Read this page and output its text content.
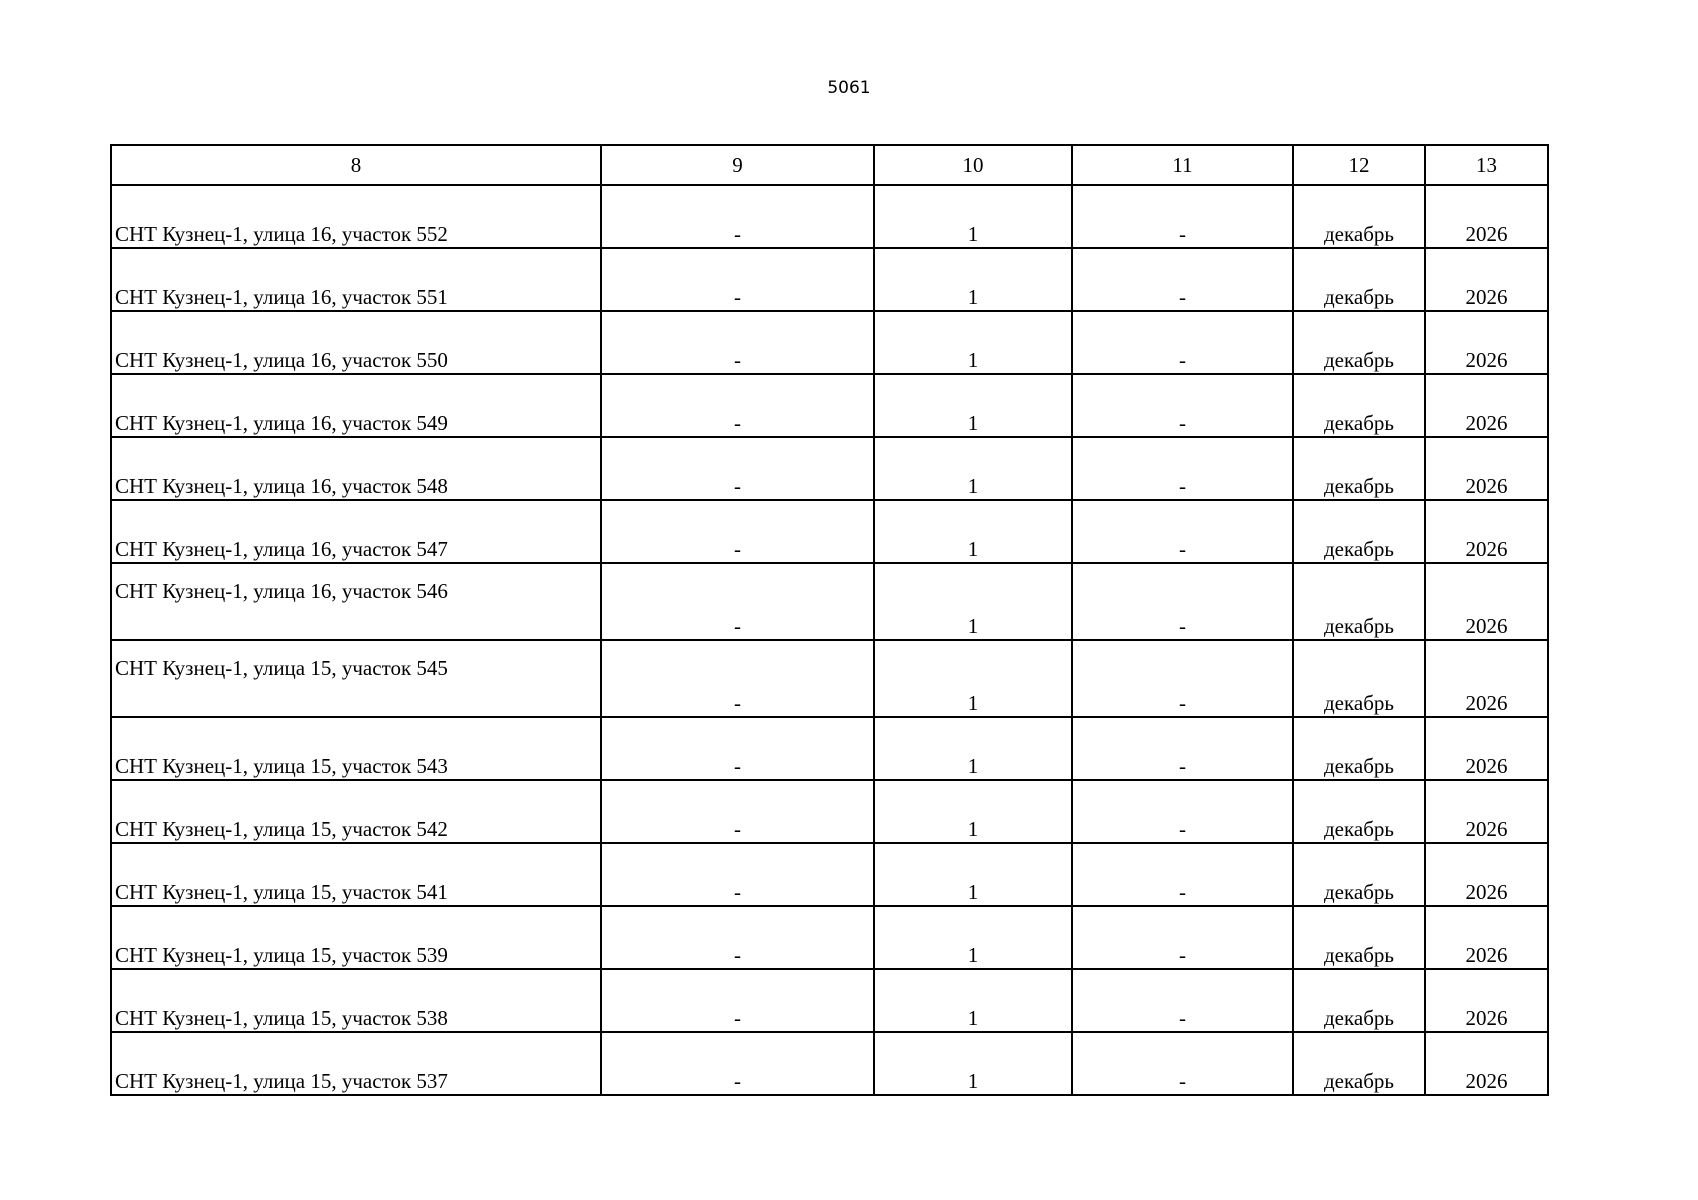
5061
8	9	10	11	12	13
СНТ Кузнец-1, улица 16, участок 552	-	1	-	декабрь	2026
СНТ Кузнец-1, улица 16, участок 551	-	1	-	декабрь	2026
СНТ Кузнец-1, улица 16, участок 550	-	1	-	декабрь	2026
СНТ Кузнец-1, улица 16, участок 549	-	1	-	декабрь	2026
СНТ Кузнец-1, улица 16, участок 548	-	1	-	декабрь	2026
СНТ Кузнец-1, улица 16, участок 547	-	1	-	декабрь	2026
СНТ Кузнец-1, улица 16, участок 546	-	1	-	декабрь	2026
СНТ Кузнец-1, улица 15, участок 545	-	1	-	декабрь	2026
СНТ Кузнец-1, улица 15, участок 543	-	1	-	декабрь	2026
СНТ Кузнец-1, улица 15, участок 542	-	1	-	декабрь	2026
СНТ Кузнец-1, улица 15, участок 541	-	1	-	декабрь	2026
СНТ Кузнец-1, улица 15, участок 539	-	1	-	декабрь	2026
СНТ Кузнец-1, улица 15, участок 538	-	1	-	декабрь	2026
СНТ Кузнец-1, улица 15, участок 537	-	1	-	декабрь	2026
